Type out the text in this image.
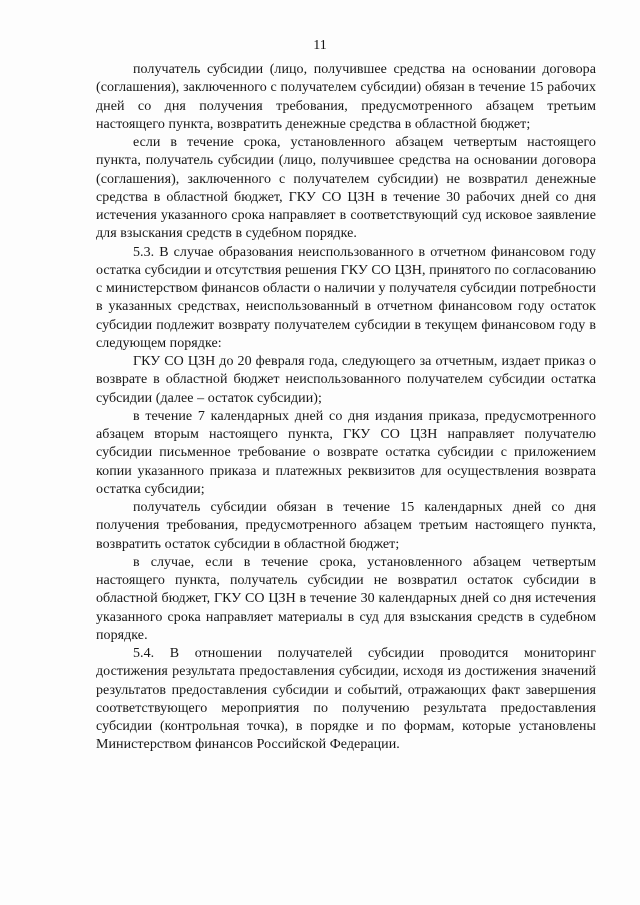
11

получатель субсидии (лицо, получившее средства на основании договора (соглашения), заключенного с получателем субсидии) обязан в течение 15 рабочих дней со дня получения требования, предусмотренного абзацем третьим настоящего пункта, возвратить денежные средства в областной бюджет;

если в течение срока, установленного абзацем четвертым настоящего пункта, получатель субсидии (лицо, получившее средства на основании договора (соглашения), заключенного с получателем субсидии) не возвратил денежные средства в областной бюджет, ГКУ СО ЦЗН в течение 30 рабочих дней со дня истечения указанного срока направляет в соответствующий суд исковое заявление для взыскания средств в судебном порядке.

5.3. В случае образования неиспользованного в отчетном финансовом году остатка субсидии и отсутствия решения ГКУ СО ЦЗН, принятого по согласованию с министерством финансов области о наличии у получателя субсидии потребности в указанных средствах, неиспользованный в отчетном финансовом году остаток субсидии подлежит возврату получателем субсидии в текущем финансовом году в следующем порядке:

ГКУ СО ЦЗН до 20 февраля года, следующего за отчетным, издает приказ о возврате в областной бюджет неиспользованного получателем субсидии остатка субсидии (далее – остаток субсидии);

в течение 7 календарных дней со дня издания приказа, предусмотренного абзацем вторым настоящего пункта, ГКУ СО ЦЗН направляет получателю субсидии письменное требование о возврате остатка субсидии с приложением копии указанного приказа и платежных реквизитов для осуществления возврата остатка субсидии;

получатель субсидии обязан в течение 15 календарных дней со дня получения требования, предусмотренного абзацем третьим настоящего пункта, возвратить остаток субсидии в областной бюджет;

в случае, если в течение срока, установленного абзацем четвертым настоящего пункта, получатель субсидии не возвратил остаток субсидии в областной бюджет, ГКУ СО ЦЗН в течение 30 календарных дней со дня истечения указанного срока направляет материалы в суд для взыскания средств в судебном порядке.

5.4. В отношении получателей субсидии проводится мониторинг достижения результата предоставления субсидии, исходя из достижения значений результатов предоставления субсидии и событий, отражающих факт завершения соответствующего мероприятия по получению результата предоставления субсидии (контрольная точка), в порядке и по формам, которые установлены Министерством финансов Российской Федерации.
